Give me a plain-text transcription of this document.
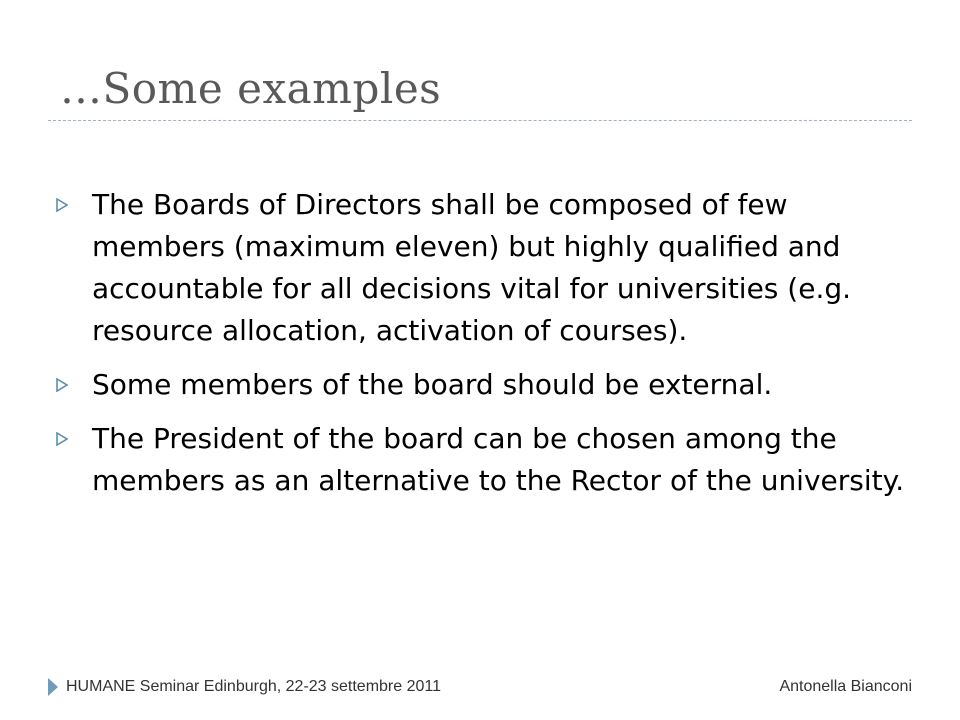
…Some examples
The Boards of Directors shall be composed of few members (maximum eleven) but highly qualified and accountable for all decisions vital for universities (e.g. resource allocation, activation of courses).
Some members of the board should be external.
The President of the board can be chosen among the members as an alternative to the Rector of the university.
HUMANE Seminar Edinburgh, 22-23 settembre 2011	Antonella Bianconi
